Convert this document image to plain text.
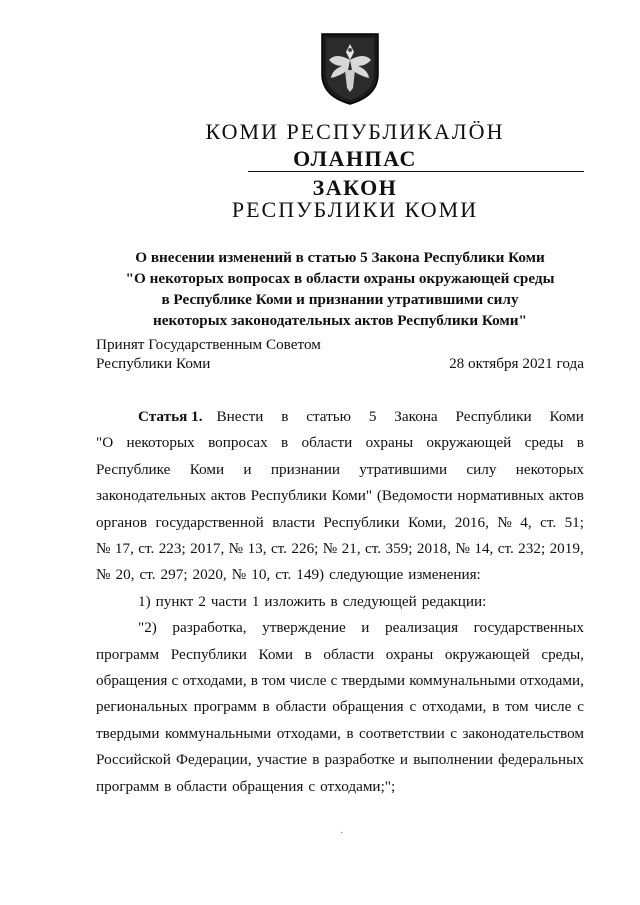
КОМИ РЕСПУБЛИКАЛÖН
ОЛАНПАС
ЗАКОН
РЕСПУБЛИКИ КОМИ
О внесении изменений в статью 5 Закона Республики Коми
"О некоторых вопросах в области охраны окружающей среды
в Республике Коми и признании утратившими силу
некоторых законодательных актов Республики Коми"
Принят Государственным Советом
Республики Коми	28 октября 2021 года
Статья 1. Внести в статью 5 Закона Республики Коми
"О некоторых вопросах в области охраны окружающей среды в
Республике Коми и признании утратившими силу некоторых
законодательных актов Республики Коми" (Ведомости нормативных актов
органов государственной власти Республики Коми, 2016, № 4, ст. 51;
№ 17, ст. 223; 2017, № 13, ст. 226; № 21, ст. 359; 2018, № 14, ст. 232; 2019,
№ 20, ст. 297; 2020, № 10, ст. 149) следующие изменения:
1) пункт 2 части 1 изложить в следующей редакции:
"2) разработка, утверждение и реализация государственных
программ Республики Коми в области охраны окружающей среды,
обращения с отходами, в том числе с твердыми коммунальными отходами,
региональных программ в области обращения с отходами, в том числе с
твердыми коммунальными отходами, в соответствии с законодательством
Российской Федерации, участие в разработке и выполнении федеральных
программ в области обращения с отходами;";
·
